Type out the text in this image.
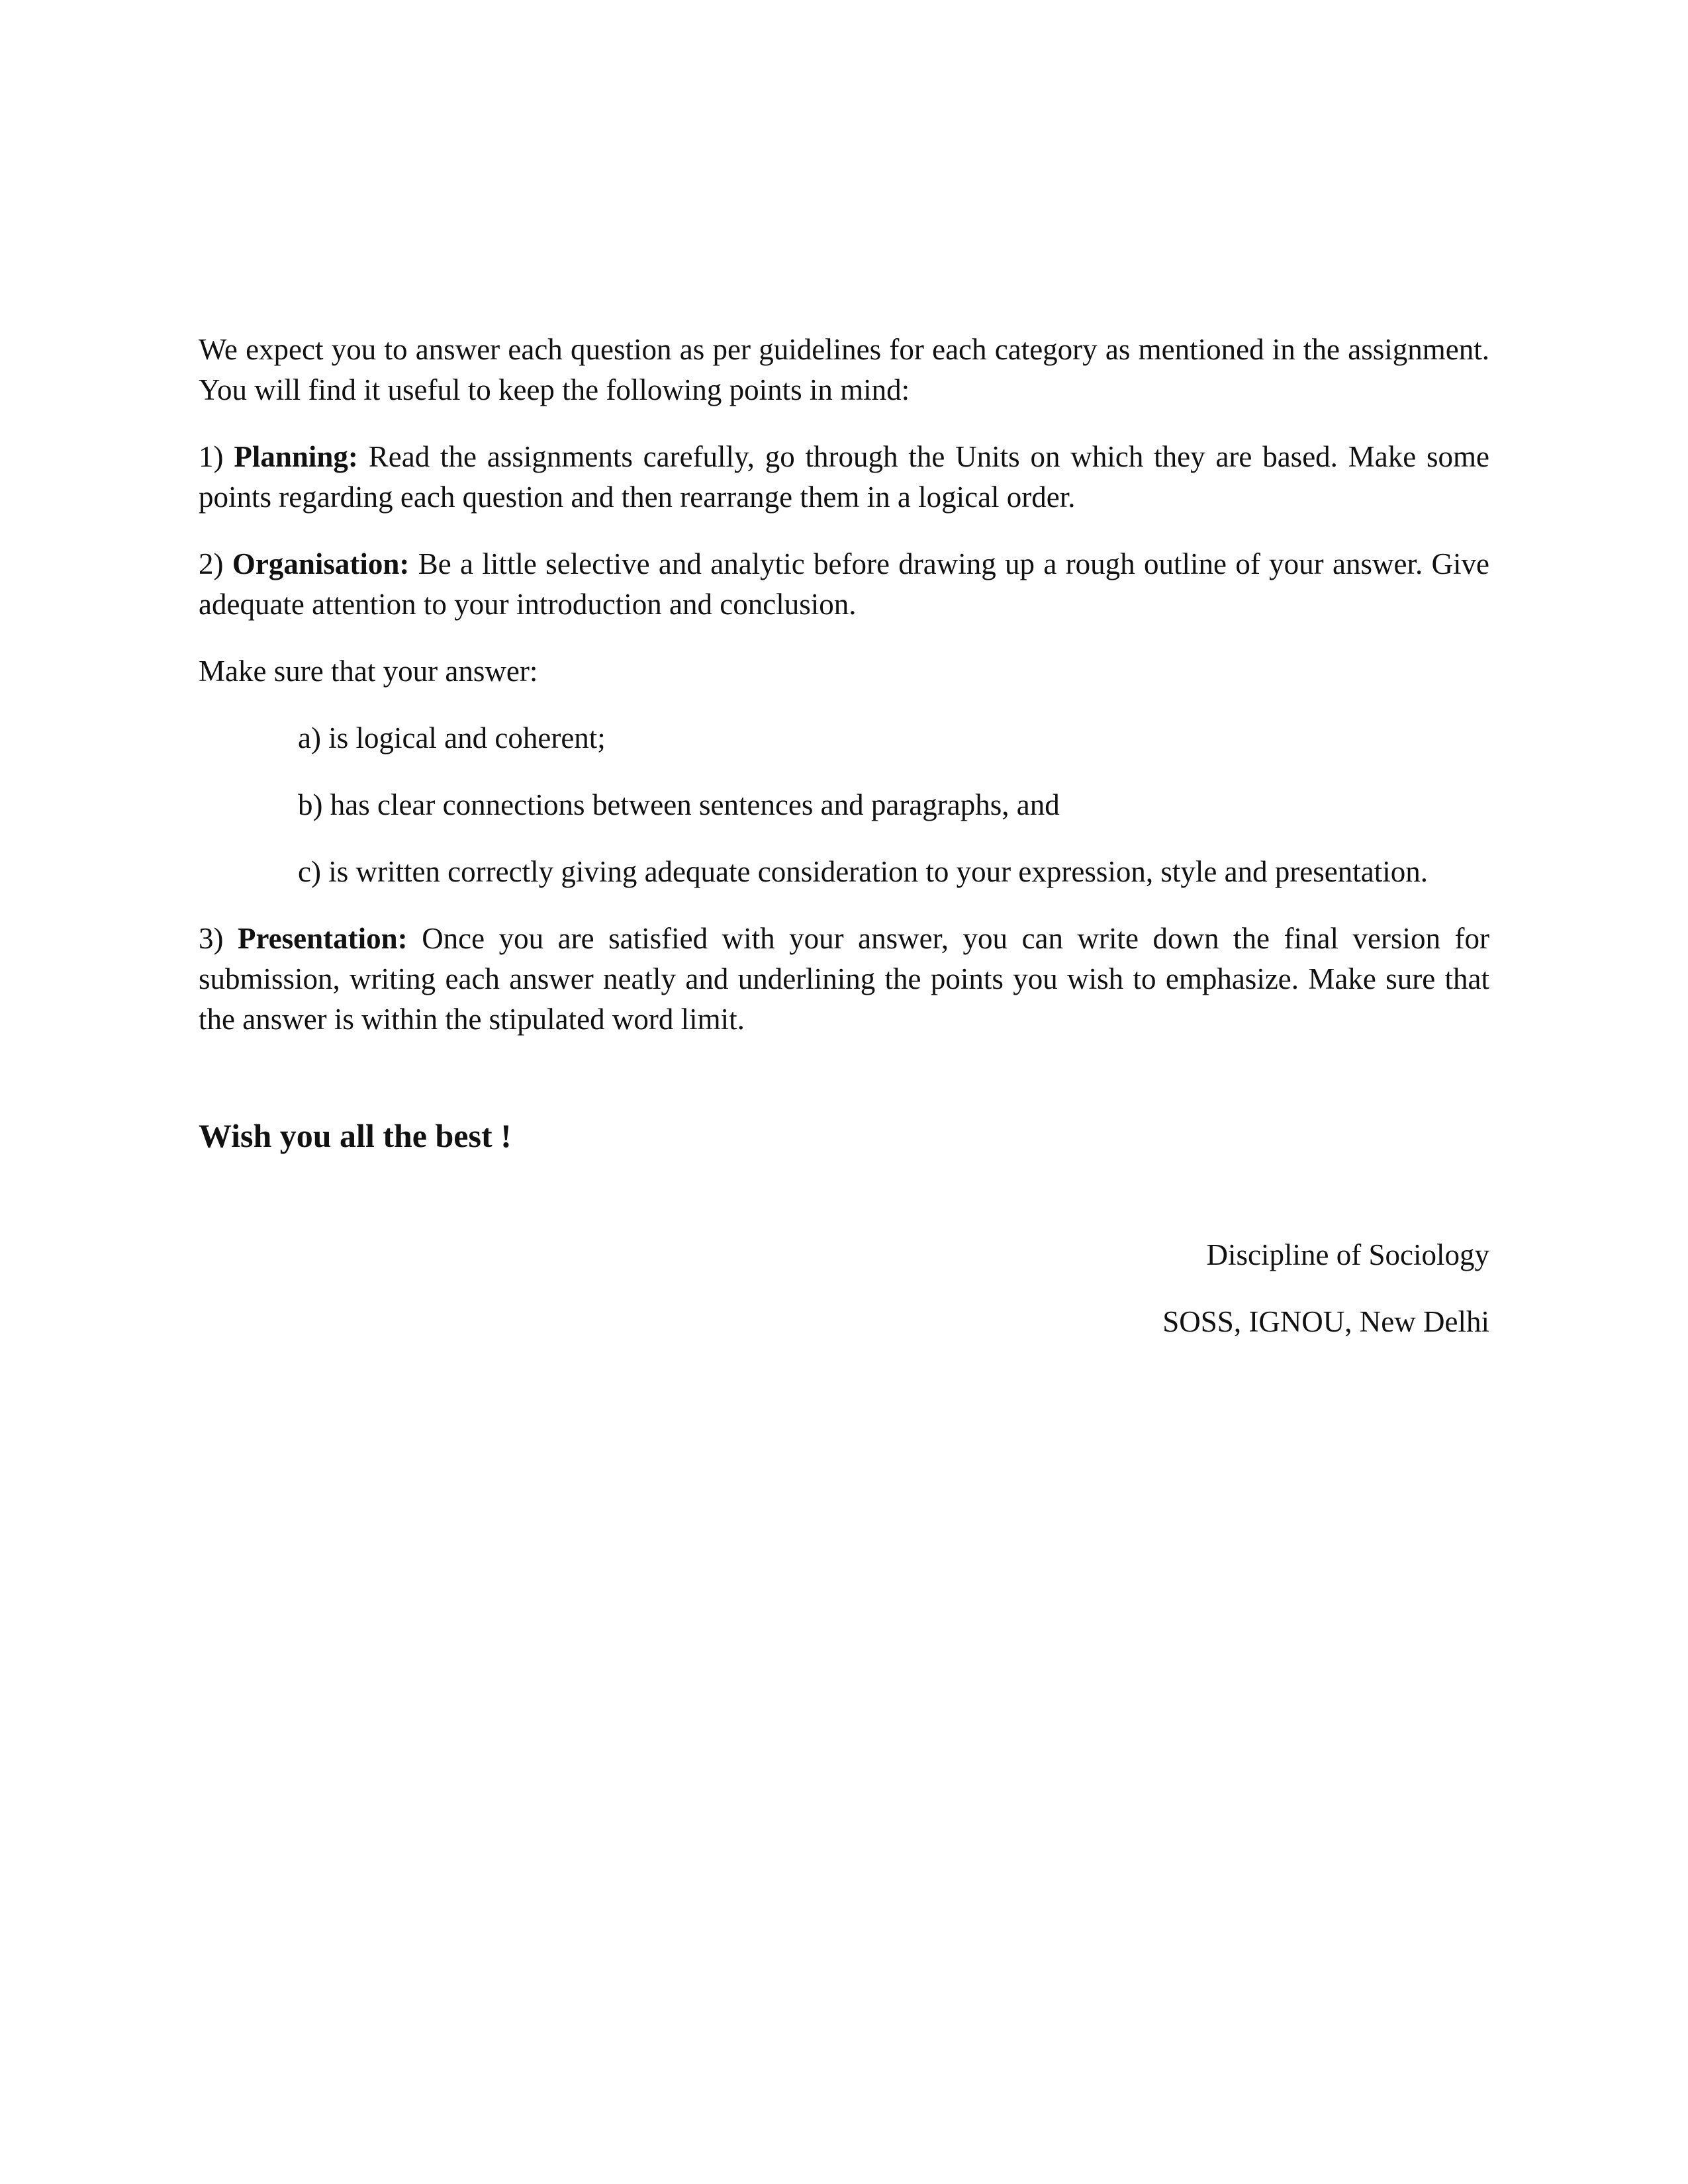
We expect you to answer each question as per guidelines for each category as mentioned in the assignment. You will find it useful to keep the following points in mind:

1) Planning: Read the assignments carefully, go through the Units on which they are based. Make some points regarding each question and then rearrange them in a logical order.

2) Organisation: Be a little selective and analytic before drawing up a rough outline of your answer. Give adequate attention to your introduction and conclusion.

Make sure that your answer:

a) is logical and coherent;

b) has clear connections between sentences and paragraphs, and

c) is written correctly giving adequate consideration to your expression, style and presentation.

3) Presentation: Once you are satisfied with your answer, you can write down the final version for submission, writing each answer neatly and underlining the points you wish to emphasize. Make sure that the answer is within the stipulated word limit.

Wish you all the best !

Discipline of Sociology
SOSS, IGNOU, New Delhi
